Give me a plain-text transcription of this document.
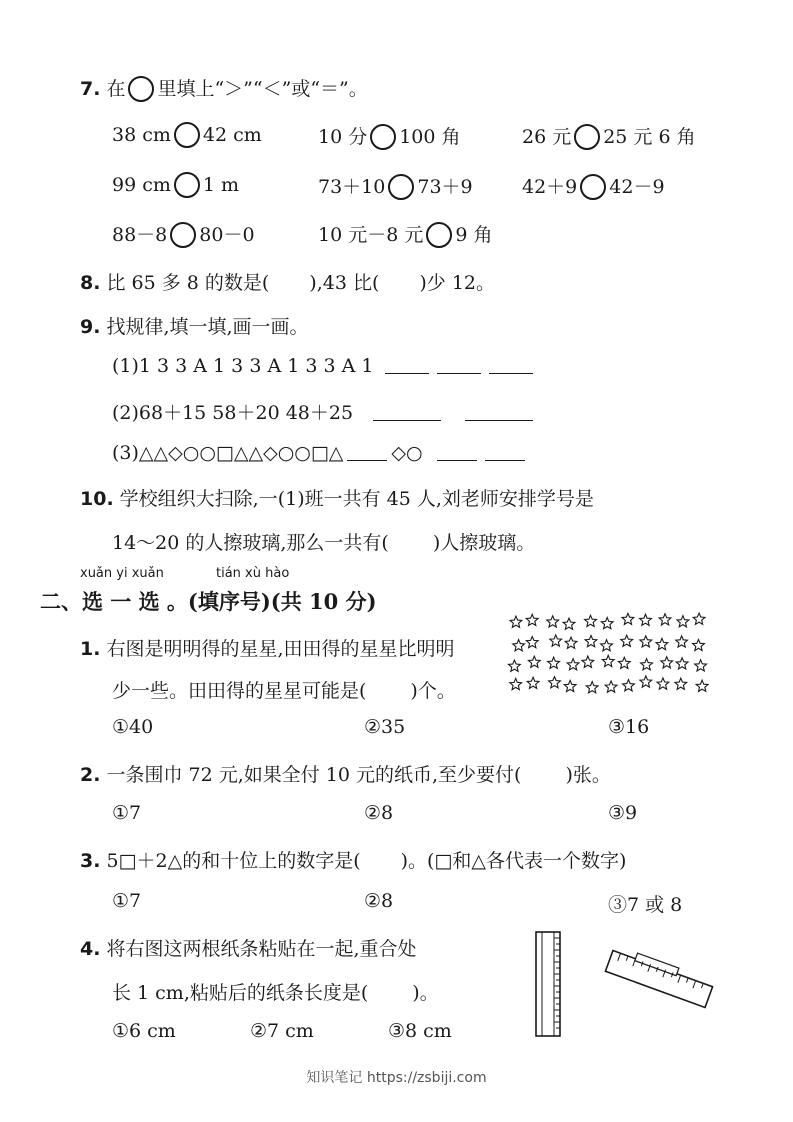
7. 在 里填上“＞”“＜”或“＝”。
38 cm 42 cm	10 分 100 角	26 元 25 元 6 角
99 cm 1 m	73＋10 73＋9	42＋9 42－9
88－8 80－0	10 元－8 元 9 角
8. 比 65 多 8 的数是( ),43 比( )少 12。
9. 找规律,填一填,画一画。
(1)1 3 3 A 1 3 3 A 1 3 3 A 1
(2)68＋15 58＋20 48＋25
(3)△△◇○○□△△◇○○□△	◇○
10. 学校组织大扫除,一(1)班一共有 45 人,刘老师安排学号是
14～20 的人擦玻璃,那么一共有( )人擦玻璃。
xuǎn yi xuǎn	tián xù hào
二、选 一 选 。(填序号)(共 10 分)
1. 右图是明明得的星星,田田得的星星比明明
少一些。田田得的星星可能是( )个。
①40	②35	③16
2. 一条围巾 72 元,如果全付 10 元的纸币,至少要付( )张。
①7	②8	③9
3. 5□＋2△的和十位上的数字是( )。(□和△各代表一个数字)
①7	②8	③7 或 8
4. 将右图这两根纸条粘贴在一起,重合处
长 1 cm,粘贴后的纸条长度是( )。
①6 cm	②7 cm	③8 cm
知识笔记 https://zsbiji.com
